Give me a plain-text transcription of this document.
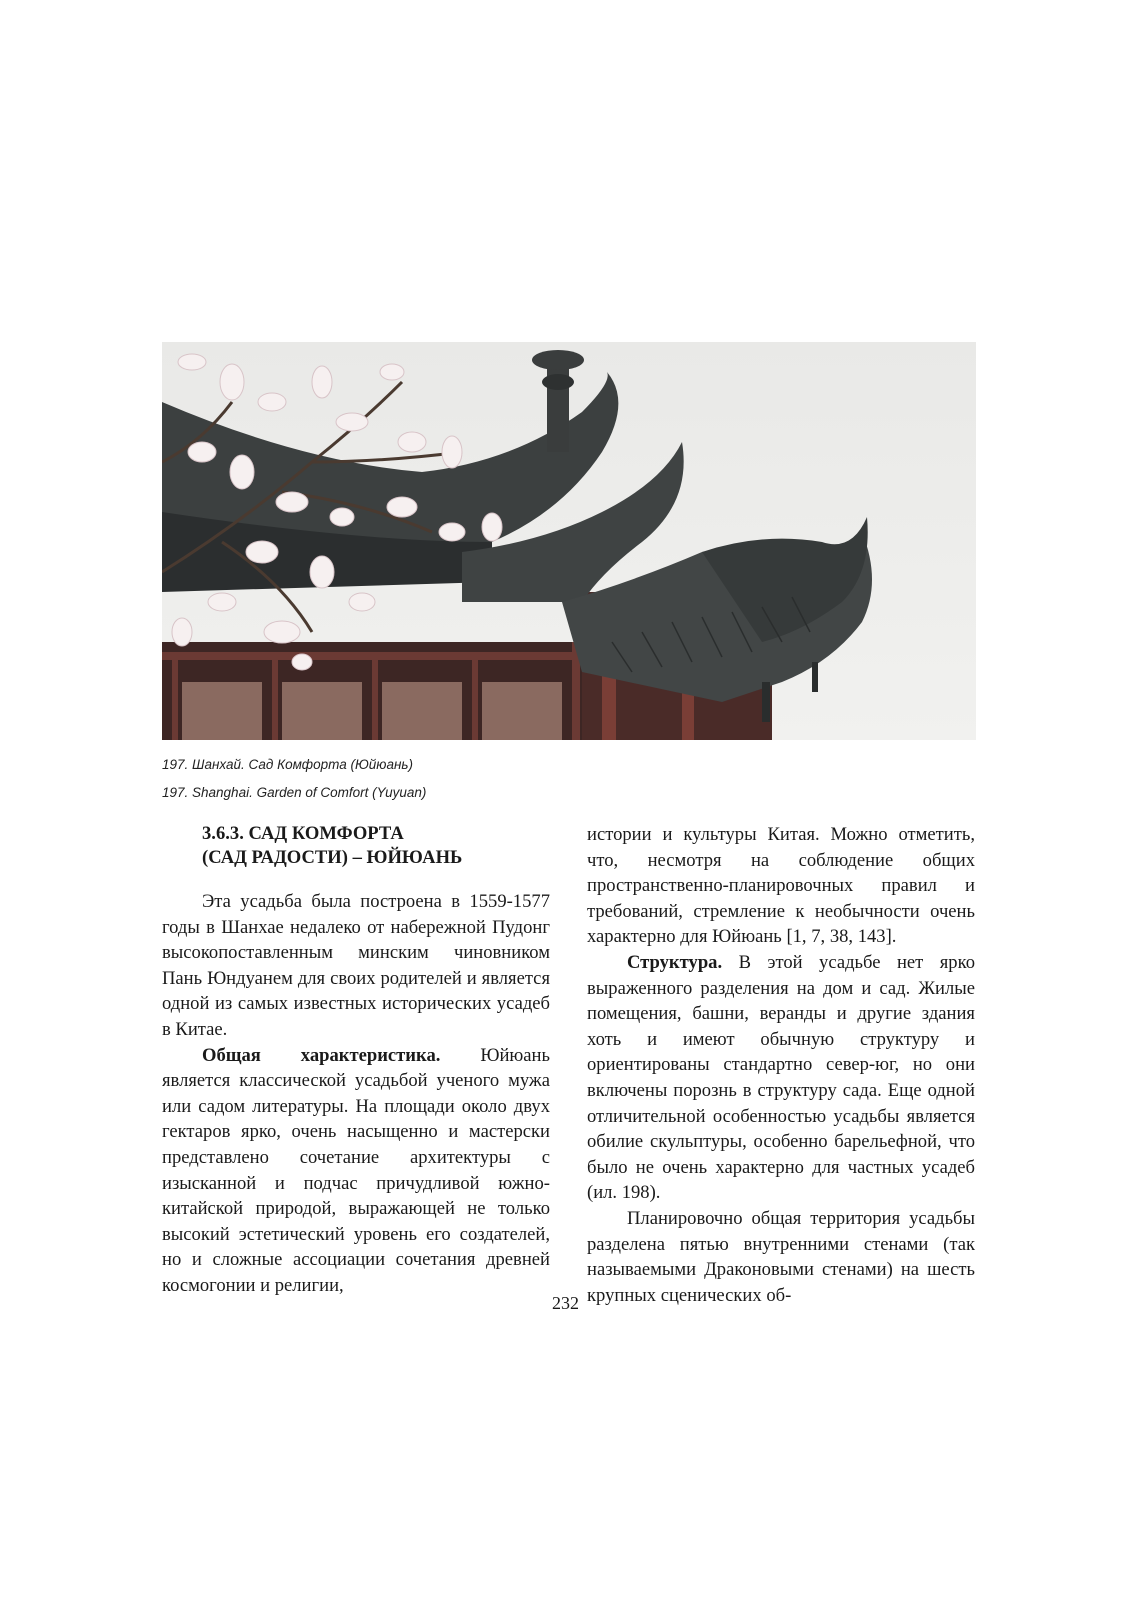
197. Шанхай. Сад Комфорта (Юйюань)
197. Shanghai. Garden of Comfort (Yuyuan)
3.6.3. САД КОМФОРТА
(САД РАДОСТИ) – ЮЙЮАНЬ

Эта усадьба была построена в 1559-1577 годы в Шанхае недалеко от набережной Пудонг высокопоставленным минским чиновником Пань Юндуанем для своих родителей и является одной из самых известных исторических усадеб в Китае.

Общая характеристика. Юйюань является классической усадьбой ученого мужа или садом литературы. На площади около двух гектаров ярко, очень насыщенно и мастерски представлено сочетание архитектуры с изысканной и подчас причудливой южно-китайской природой, выражающей не только высокий эстетический уровень его создателей, но и сложные ассоциации сочетания древней космогонии и религии,

истории и культуры Китая. Можно отметить, что, несмотря на соблюдение общих пространственно-планировочных правил и требований, стремление к необычности очень характерно для Юйюань [1, 7, 38, 143].

Структура. В этой усадьбе нет ярко выраженного разделения на дом и сад. Жилые помещения, башни, веранды и другие здания хоть и имеют обычную структуру и ориентированы стандартно север-юг, но они включены порознь в структуру сада. Еще одной отличительной особенностью усадьбы является обилие скульптуры, особенно барельефной, что было не очень характерно для частных усадеб (ил. 198).

Планировочно общая территория усадьбы разделена пятью внутренними стенами (так называемыми Драконовыми стенами) на шесть крупных сценических об-

232
